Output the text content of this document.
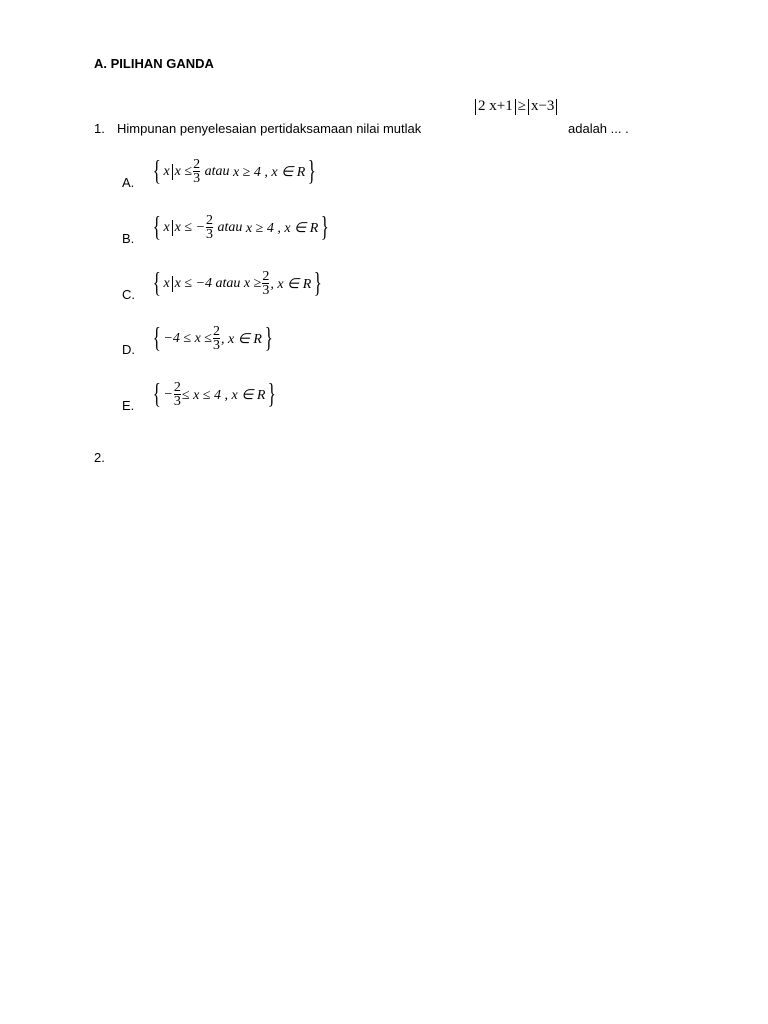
A. PILIHAN GANDA
2 x+1 ≥ x−3
1. Himpunan penyelesaian pertidaksamaan nilai mutlak	adalah ... .
A. { x $x \le \frac{2}{3}$
atau
x ≥ 4 , x ∈ R }
B. { x x ≤ − $\frac{2}{3}$
atau
x ≥ 4 , x ∈ R }
C. { x x ≤ −4
atau
$x \ge \frac{2}{3}$ , x ∈ R }
D. { $-4 \le x \le \frac{2}{3}$ , x ∈ R }
E. { − $\frac{2}{3} \le x \le 4$ , x ∈ R }
2.
